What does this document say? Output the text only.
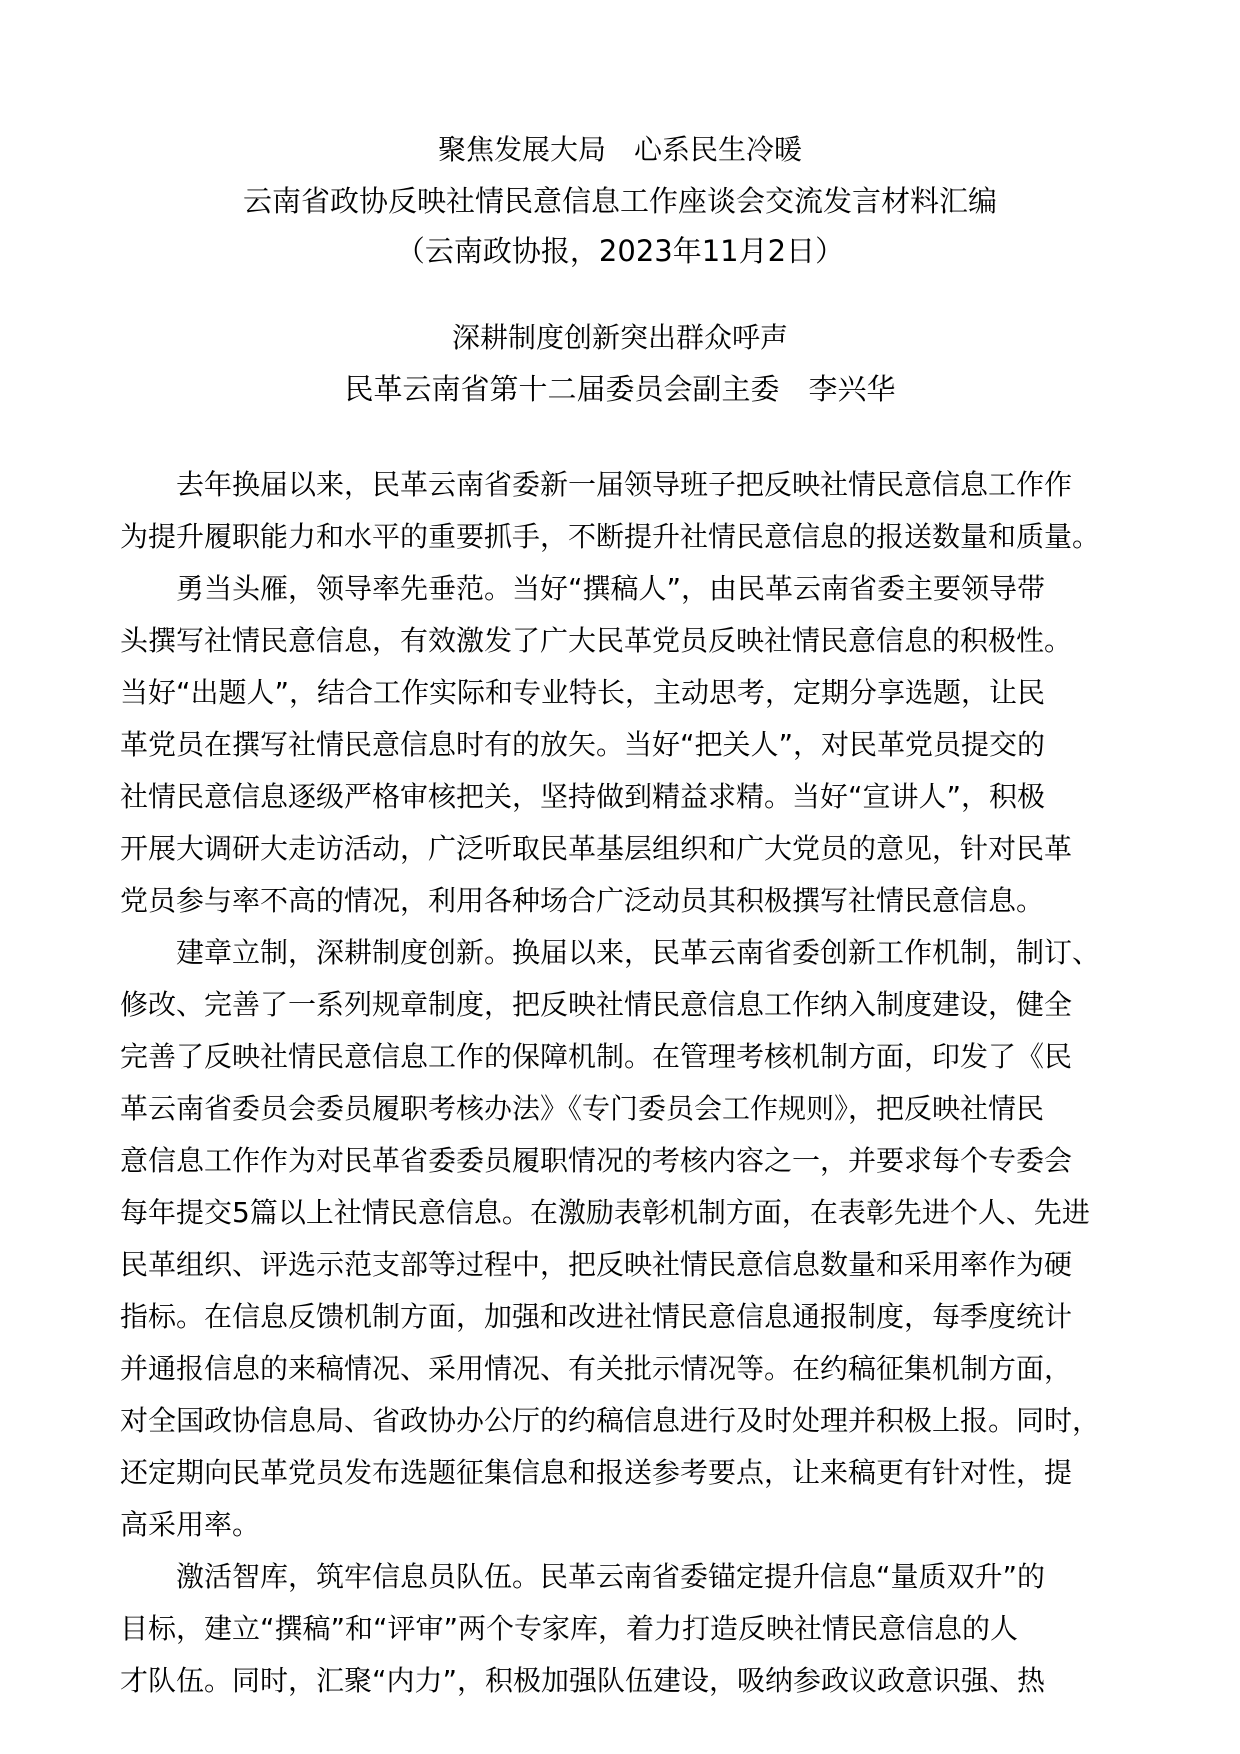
聚焦发展大局　心系民生冷暖
云南省政协反映社情民意信息工作座谈会交流发言材料汇编
（云南政协报，2023年11月2日）
深耕制度创新突出群众呼声
民革云南省第十二届委员会副主委　李兴华

去年换届以来，民革云南省委新一届领导班子把反映社情民意信息工作作
为提升履职能力和水平的重要抓手，不断提升社情民意信息的报送数量和质量。

勇当头雁，领导率先垂范。当好“撰稿人”，由民革云南省委主要领导带
头撰写社情民意信息，有效激发了广大民革党员反映社情民意信息的积极性。
当好“出题人”，结合工作实际和专业特长，主动思考，定期分享选题，让民
革党员在撰写社情民意信息时有的放矢。当好“把关人”，对民革党员提交的
社情民意信息逐级严格审核把关，坚持做到精益求精。当好“宣讲人”，积极
开展大调研大走访活动，广泛听取民革基层组织和广大党员的意见，针对民革
党员参与率不高的情况，利用各种场合广泛动员其积极撰写社情民意信息。

建章立制，深耕制度创新。换届以来，民革云南省委创新工作机制，制订、
修改、完善了一系列规章制度，把反映社情民意信息工作纳入制度建设，健全
完善了反映社情民意信息工作的保障机制。在管理考核机制方面，印发了《民
革云南省委员会委员履职考核办法》《专门委员会工作规则》，把反映社情民
意信息工作作为对民革省委委员履职情况的考核内容之一，并要求每个专委会
每年提交5篇以上社情民意信息。在激励表彰机制方面，在表彰先进个人、先进
民革组织、评选示范支部等过程中，把反映社情民意信息数量和采用率作为硬
指标。在信息反馈机制方面，加强和改进社情民意信息通报制度，每季度统计
并通报信息的来稿情况、采用情况、有关批示情况等。在约稿征集机制方面，
对全国政协信息局、省政协办公厅的约稿信息进行及时处理并积极上报。同时，
还定期向民革党员发布选题征集信息和报送参考要点，让来稿更有针对性，提
高采用率。

激活智库，筑牢信息员队伍。民革云南省委锚定提升信息“量质双升”的
目标，建立“撰稿”和“评审”两个专家库，着力打造反映社情民意信息的人
才队伍。同时，汇聚“内力”，积极加强队伍建设，吸纳参政议政意识强、热
